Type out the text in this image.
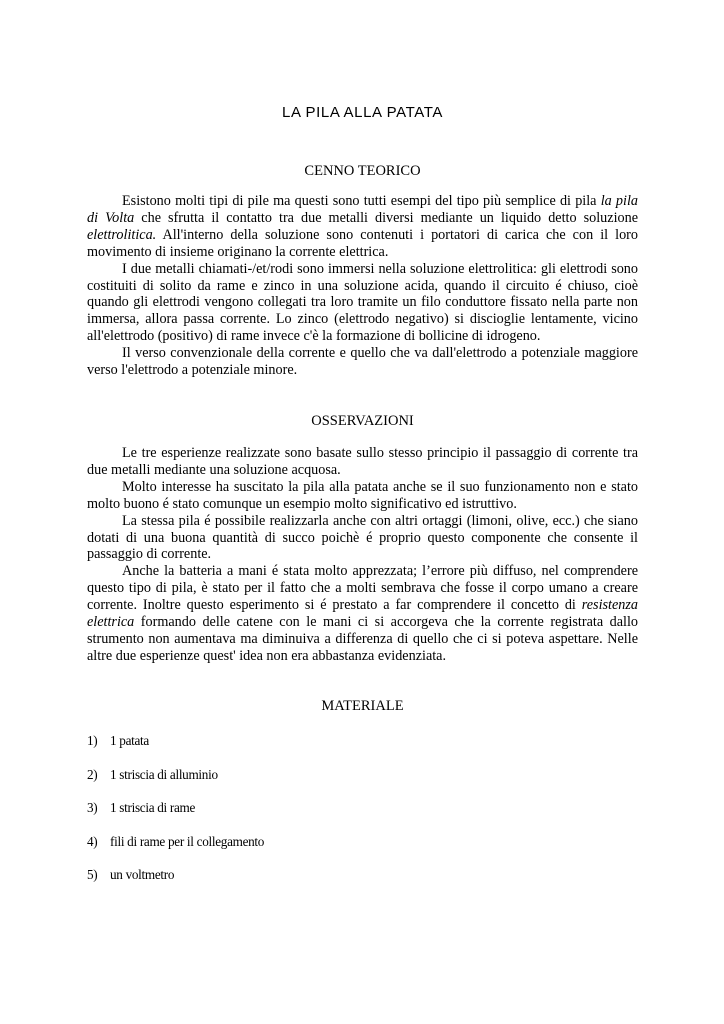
LA PILA ALLA PATATA
CENNO TEORICO

Esistono molti tipi di pile ma questi sono tutti esempi del tipo più semplice di pila la pila di Volta che sfrutta il contatto tra due metalli diversi mediante un liquido detto soluzione elettrolitica. All'interno della soluzione sono contenuti i portatori di carica che con il loro movimento di insieme originano la corrente elettrica.

I due metalli chiamati-/et/rodi sono immersi nella soluzione elettrolitica: gli elettrodi sono costituiti di solito da rame e zinco in una soluzione acida, quando il circuito é chiuso, cioè quando gli elettrodi vengono collegati tra loro tramite un filo conduttore fissato nella parte non immersa, allora passa corrente. Lo zinco (elettrodo negativo) si discioglie lentamente, vicino all'elettrodo (positivo) di rame invece c'è la formazione di bollicine di idrogeno.

Il verso convenzionale della corrente e quello che va dall'elettrodo a potenziale maggiore verso l'elettrodo a potenziale minore.

OSSERVAZIONI

Le tre esperienze realizzate sono basate sullo stesso principio il passaggio di corrente tra due metalli mediante una soluzione acquosa.

Molto interesse ha suscitato la pila alla patata anche se il suo funzionamento non e stato molto buono é stato comunque un esempio molto significativo ed istruttivo.

La stessa pila é possibile realizzarla anche con altri ortaggi (limoni, olive, ecc.) che siano dotati di una buona quantità di succo poichè é proprio questo componente che consente il passaggio di corrente.

Anche la batteria a mani é stata molto apprezzata; l’errore più diffuso, nel comprendere questo tipo di pila, è stato per il fatto che a molti sembrava che fosse il corpo umano a creare corrente. Inoltre questo esperimento si é prestato a far comprendere il concetto di resistenza elettrica formando delle catene con le mani ci si accorgeva che la corrente registrata dallo strumento non aumentava ma diminuiva a differenza di quello che ci si poteva aspettare. Nelle altre due esperienze quest' idea non era abbastanza evidenziata.

MATERIALE
1) 1 patata
2) 1 striscia di alluminio
3) 1 striscia di rame
4) fili di rame per il collegamento
5) un voltmetro
